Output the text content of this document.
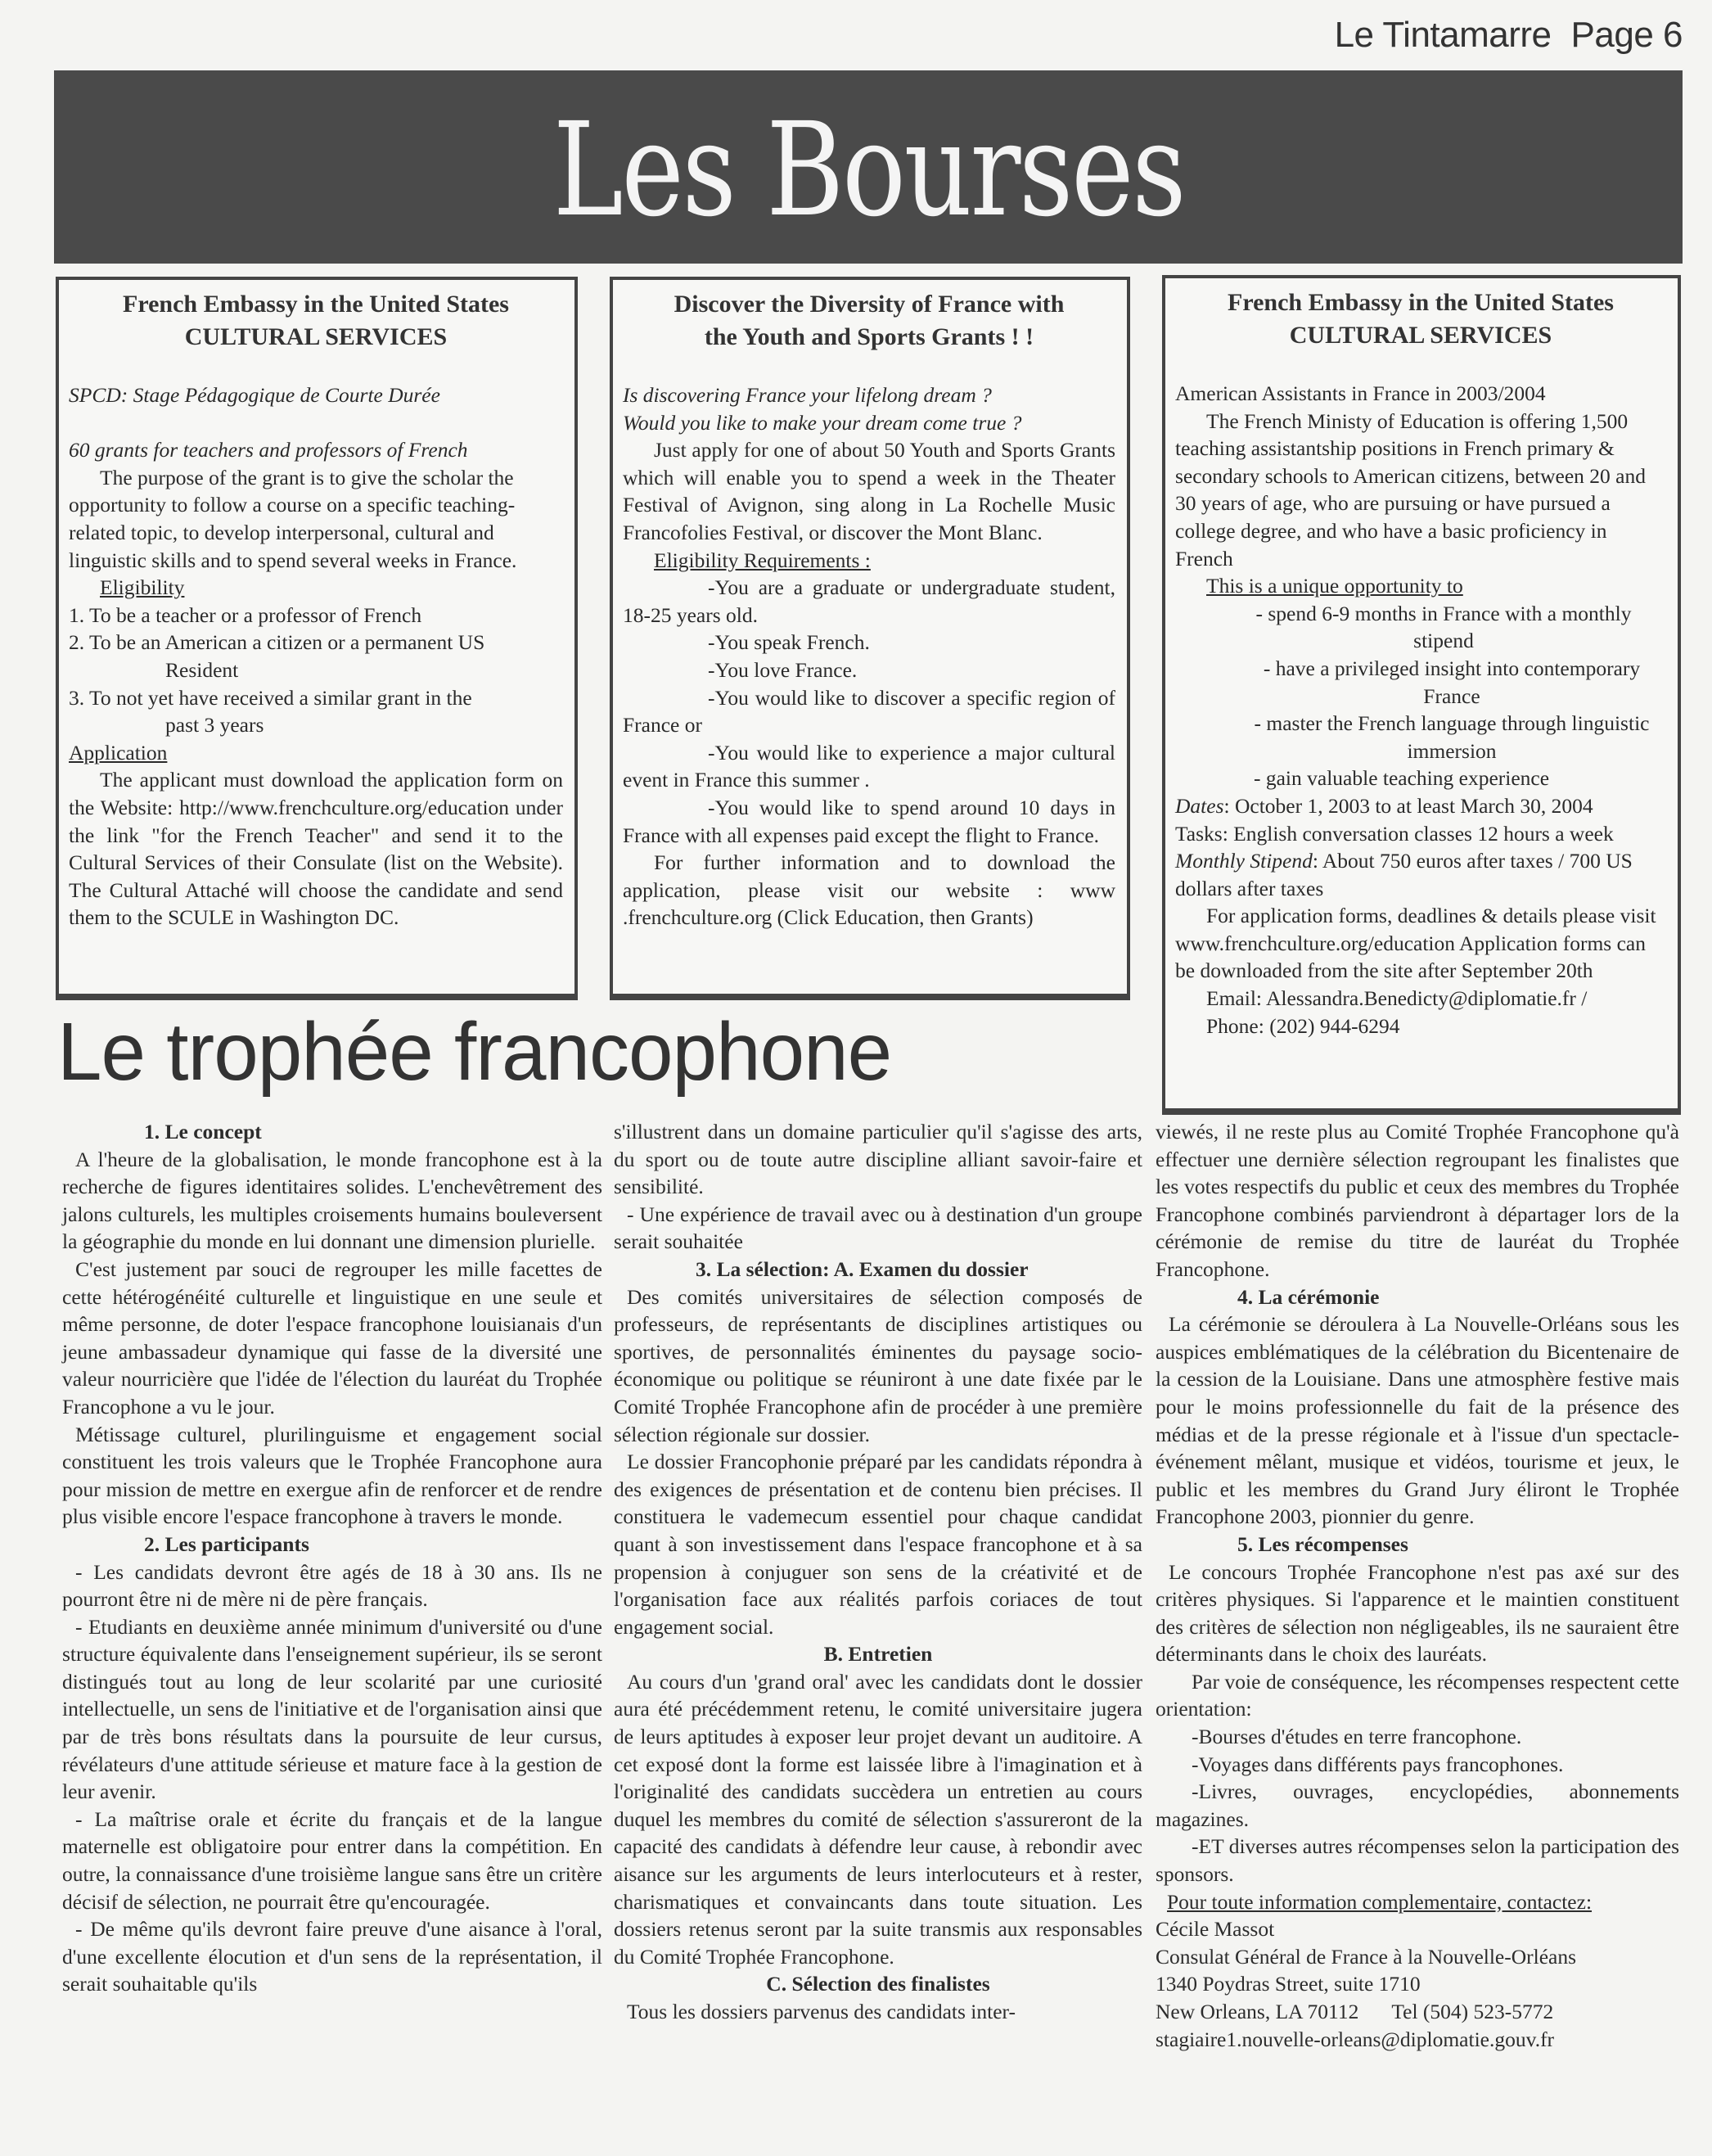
Le Tintamarre Page 6
Les Bourses
French Embassy in the United States
CULTURAL SERVICES

SPCD: Stage Pédagogique de Courte Durée

60 grants for teachers and professors of French

The purpose of the grant is to give the scholar the opportunity to follow a course on a specific teaching-related topic, to develop interpersonal, cultural and linguistic skills and to spend several weeks in France.

Eligibility

1. To be a teacher or a professor of French

2. To be an American a citizen or a permanent US

Resident

3. To not yet have received a similar grant in the

past 3 years

Application

The applicant must download the application form on the Website: http://www.frenchculture.org/education under the link "for the French Teacher" and send it to the Cultural Services of their Consulate (list on the Website). The Cultural Attaché will choose the candidate and send them to the SCULE in Washington DC.

Discover the Diversity of France with
the Youth and Sports Grants ! !

Is discovering France your lifelong dream ?

Would you like to make your dream come true ?

Just apply for one of about 50 Youth and Sports Grants which will enable you to spend a week in the Theater Festival of Avignon, sing along in La Rochelle Music Francofolies Festival, or discover the Mont Blanc.

Eligibility Requirements :

-You are a graduate or undergraduate student, 18-25 years old.

-You speak French.

-You love France.

-You would like to discover a specific region of France or

-You would like to experience a major cultural event in France this summer .

-You would like to spend around 10 days in France with all expenses paid except the flight to France.

For further information and to download the application, please visit our website : www .frenchculture.org (Click Education, then Grants)

French Embassy in the United States
CULTURAL SERVICES

American Assistants in France in 2003/2004

The French Ministy of Education is offering 1,500 teaching assistantship positions in French primary & secondary schools to American citizens, between 20 and 30 years of age, who are pursuing or have pursued a college degree, and who have a basic proficiency in French

This is a unique opportunity to

- spend 6-9 months in France with a monthly stipend

- have a privileged insight into contemporary France

- master the French language through linguistic immersion

- gain valuable teaching experience

Dates: October 1, 2003 to at least March 30, 2004

Tasks: English conversation classes 12 hours a week

Monthly Stipend: About 750 euros after taxes / 700 US dollars after taxes

For application forms, deadlines & details please visit www.frenchculture.org/education Application forms can be downloaded from the site after September 20th

Email: Alessandra.Benedicty@diplomatie.fr /

Phone: (202) 944-6294

Le trophée francophone
1. Le concept

A l'heure de la globalisation, le monde francophone est à la recherche de figures identitaires solides. L'enchevêtrement des jalons culturels, les multiples croisements humains bouleversent la géographie du monde en lui donnant une dimension plurielle.

C'est justement par souci de regrouper les mille facettes de cette hétérogénéité culturelle et linguistique en une seule et même personne, de doter l'espace francophone louisianais d'un jeune ambassadeur dynamique qui fasse de la diversité une valeur nourricière que l'idée de l'élection du lauréat du Trophée Francophone a vu le jour.

Métissage culturel, plurilinguisme et engagement social constituent les trois valeurs que le Trophée Francophone aura pour mission de mettre en exergue afin de renforcer et de rendre plus visible encore l'espace francophone à travers le monde.

2. Les participants

- Les candidats devront être agés de 18 à 30 ans. Ils ne pourront être ni de mère ni de père français.

- Etudiants en deuxième année minimum d'université ou d'une structure équivalente dans l'enseignement supérieur, ils se seront distingués tout au long de leur scolarité par une curiosité intellectuelle, un sens de l'initiative et de l'organisation ainsi que par de très bons résultats dans la poursuite de leur cursus, révélateurs d'une attitude sérieuse et mature face à la gestion de leur avenir.

- La maîtrise orale et écrite du français et de la langue maternelle est obligatoire pour entrer dans la compétition. En outre, la connaissance d'une troisième langue sans être un critère décisif de sélection, ne pourrait être qu'encouragée.

- De même qu'ils devront faire preuve d'une aisance à l'oral, d'une excellente élocution et d'un sens de la représentation, il serait souhaitable qu'ils

s'illustrent dans un domaine particulier qu'il s'agisse des arts, du sport ou de toute autre discipline alliant savoir-faire et sensibilité.

- Une expérience de travail avec ou à destination d'un groupe serait souhaitée

3. La sélection: A. Examen du dossier

Des comités universitaires de sélection composés de professeurs, de représentants de disciplines artistiques ou sportives, de personnalités éminentes du paysage socio-économique ou politique se réuniront à une date fixée par le Comité Trophée Francophone afin de procéder à une première sélection régionale sur dossier.

Le dossier Francophonie préparé par les candidats répondra à des exigences de présentation et de contenu bien précises. Il constituera le vademecum essentiel pour chaque candidat quant à son investissement dans l'espace francophone et à sa propension à conjuguer son sens de la créativité et de l'organisation face aux réalités parfois coriaces de tout engagement social.

B. Entretien

Au cours d'un 'grand oral' avec les candidats dont le dossier aura été précédemment retenu, le comité universitaire jugera de leurs aptitudes à exposer leur projet devant un auditoire. A cet exposé dont la forme est laissée libre à l'imagination et à l'originalité des candidats succèdera un entretien au cours duquel les membres du comité de sélection s'assureront de la capacité des candidats à défendre leur cause, à rebondir avec aisance sur les arguments de leurs interlocuteurs et à rester, charismatiques et convaincants dans toute situation. Les dossiers retenus seront par la suite transmis aux responsables du Comité Trophée Francophone.

C. Sélection des finalistes

Tous les dossiers parvenus des candidats inter-

viewés, il ne reste plus au Comité Trophée Francophone qu'à effectuer une dernière sélection regroupant les finalistes que les votes respectifs du public et ceux des membres du Trophée Francophone combinés parviendront à départager lors de la cérémonie de remise du titre de lauréat du Trophée Francophone.

4. La cérémonie

La cérémonie se déroulera à La Nouvelle-Orléans sous les auspices emblématiques de la célébration du Bicentenaire de la cession de la Louisiane. Dans une atmosphère festive mais pour le moins professionnelle du fait de la présence des médias et de la presse régionale et à l'issue d'un spectacle-événement mêlant, musique et vidéos, tourisme et jeux, le public et les membres du Grand Jury éliront le Trophée Francophone 2003, pionnier du genre.

5. Les récompenses

Le concours Trophée Francophone n'est pas axé sur des critères physiques. Si l'apparence et le maintien constituent des critères de sélection non négligeables, ils ne sauraient être déterminants dans le choix des lauréats.

Par voie de conséquence, les récompenses respectent cette orientation:

-Bourses d'études en terre francophone.

-Voyages dans différents pays francophones.

-Livres, ouvrages, encyclopédies, abonnements magazines.

-ET diverses autres récompenses selon la participation des sponsors.

Pour toute information complementaire, contactez:

Cécile Massot

Consulat Général de France à la Nouvelle-Orléans

1340 Poydras Street, suite 1710

New Orleans, LA 70112 Tel (504) 523-5772

stagiaire1.nouvelle-orleans@diplomatie.gouv.fr
